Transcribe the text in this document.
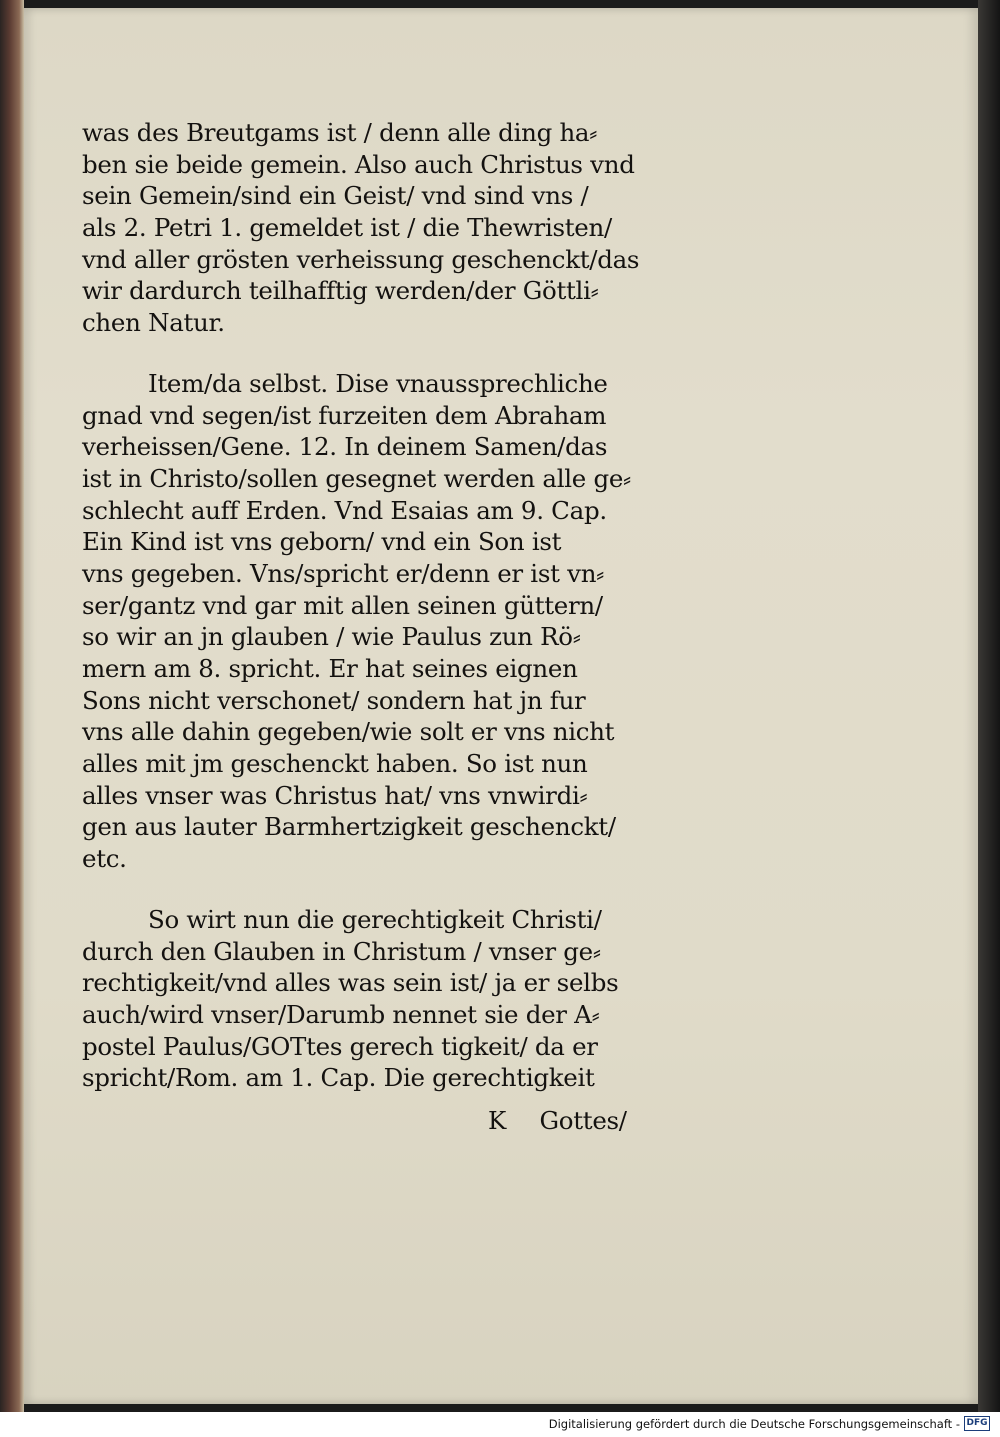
was des Breutgams ist / denn alle ding ha⸗
ben sie beide gemein. Also auch Christus vnd
sein Gemein/sind ein Geist/ vnd sind vns /
als 2. Petri 1. gemeldet ist / die Thewristen/
vnd aller grösten verheissung geschenckt/das
wir dardurch teilhafftig werden/der Göttli⸗
chen Natur.
Item/da selbst. Dise vnaussprechliche
gnad vnd segen/ist furzeiten dem Abraham
verheissen/Gene. 12. In deinem Samen/das
ist in Christo/sollen gesegnet werden alle ge⸗
schlecht auff Erden. Vnd Esaias am 9. Cap.
Ein Kind ist vns geborn/ vnd ein Son ist
vns gegeben. Vns/spricht er/denn er ist vn⸗
ser/gantz vnd gar mit allen seinen güttern/
so wir an jn glauben / wie Paulus zun Rö⸗
mern am 8. spricht. Er hat seines eignen
Sons nicht verschonet/ sondern hat jn fur
vns alle dahin gegeben/wie solt er vns nicht
alles mit jm geschenckt haben. So ist nun
alles vnser was Christus hat/ vns vnwirdi⸗
gen aus lauter Barmhertzigkeit geschenckt/
etc.
So wirt nun die gerechtigkeit Christi/
durch den Glauben in Christum / vnser ge⸗
rechtigkeit/vnd alles was sein ist/ ja er selbs
auch/wird vnser/Darumb nennet sie der A⸗
postel Paulus/GOTtes gerech tigkeit/ da er
spricht/Rom. am 1. Cap. Die gerechtigkeit
K Gottes/
Digitalisierung gefördert durch die Deutsche Forschungsgemeinschaft - DFG
